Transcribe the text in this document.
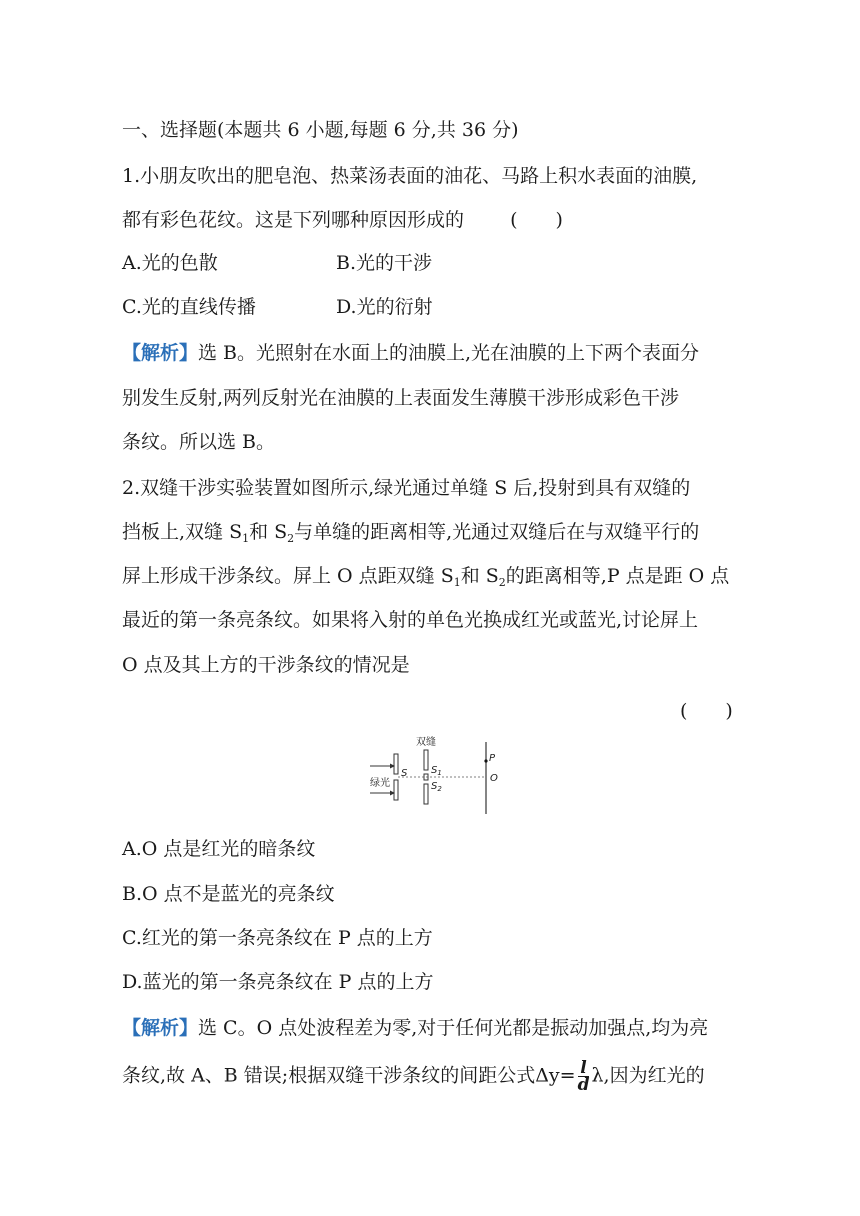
一、选择题(本题共 6 小题,每题 6 分,共 36 分)
1.小朋友吹出的肥皂泡、热菜汤表面的油花、马路上积水表面的油膜,
都有彩色花纹。这是下列哪种原因形成的 (　　)
A.光的色散	B.光的干涉
C.光的直线传播	D.光的衍射
【解析】选 B。光照射在水面上的油膜上,光在油膜的上下两个表面分
别发生反射,两列反射光在油膜的上表面发生薄膜干涉形成彩色干涉
条纹。所以选 B。
2.双缝干涉实验装置如图所示,绿光通过单缝 S 后,投射到具有双缝的
挡板上,双缝 $S_1$和 $S_2$与单缝的距离相等,光通过双缝后在与双缝平行的
屏上形成干涉条纹。屏上 O 点距双缝 $S_1$和 $S_2$的距离相等,P 点是距 O 点
最近的第一条亮条纹。如果将入射的单色光换成红光或蓝光,讨论屏上
O 点及其上方的干涉条纹的情况是
(　　)
绿光
S
双缝
$S_1$
$S_2$
P
O
A.O 点是红光的暗条纹
B.O 点不是蓝光的亮条纹
C.红光的第一条亮条纹在 P 点的上方
D.蓝光的第一条亮条纹在 P 点的上方
【解析】选 C。O 点处波程差为零,对于任何光都是振动加强点,均为亮
条纹,故 A、B 错误;根据双缝干涉条纹的间距公式$\Delta y= \frac{l}{d} \lambda$,因为红光的
